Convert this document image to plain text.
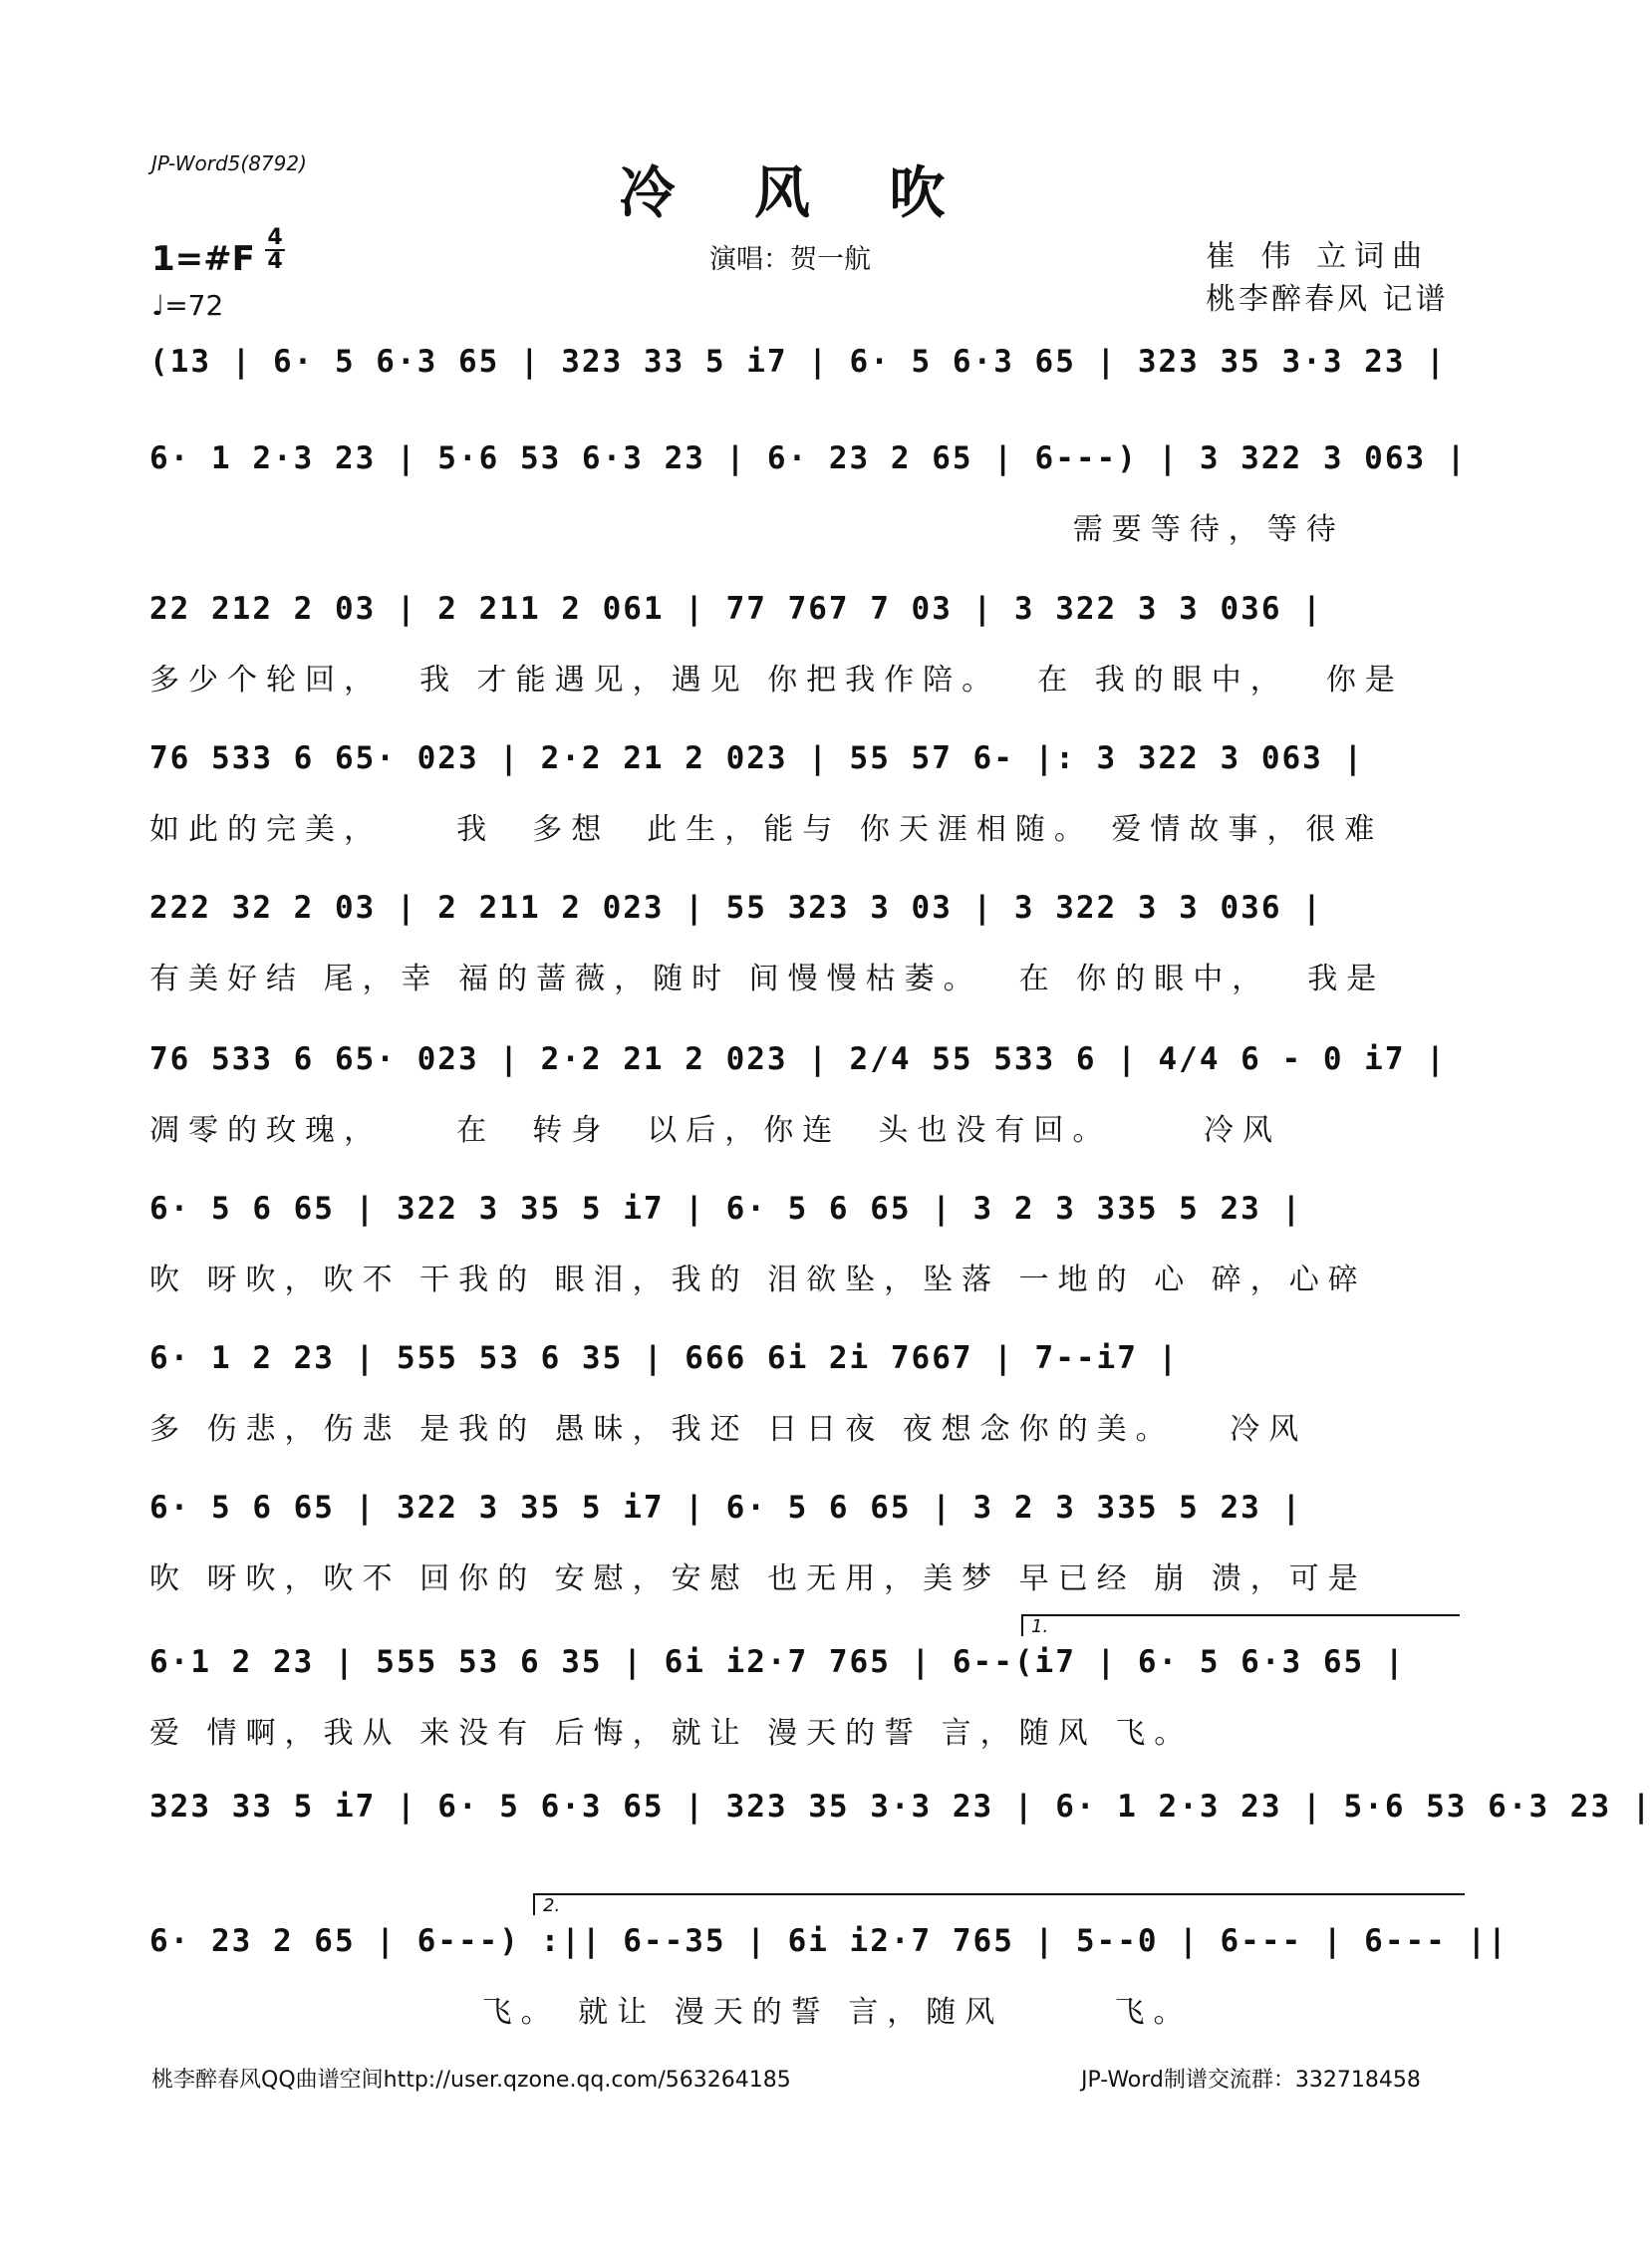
JP-Word5(8792)	冷 风 吹
演唱：贺一航	崔 伟 立词曲
桃李醉春风 记谱
1=#F
4
4
♩=72
(13 | 6· 5 6·3 65 | 323 33 5 i7 | 6· 5 6·3 65 | 323 35 3·3 23 |
6· 1 2·3 23 | 5·6 53 6·3 23 | 6· 23 2 65 | 6---) | 3 322 3 063 |
需要等待，等待
22 212 2 03 | 2 211 2 061 | 77 767 7 03 | 3 322 3 3 036 |
多少个轮回，  我 才能遇见，遇见 你把我作陪。  在 我的眼中，  你是
76 533 6 65· 023 | 2·2 21 2 023 | 55 57 6- |: 3 322 3 063 |
如此的完美，    我  多想  此生，能与 你天涯相随。 爱情故事，很难
222 32 2 03 | 2 211 2 023 | 55 323 3 03 | 3 322 3 3 036 |
有美好结 尾，幸 福的蔷薇，随时 间慢慢枯萎。  在 你的眼中，  我是
76 533 6 65· 023 | 2·2 21 2 023 | 2/4 55 533 6 | 4/4 6 - 0 i7 |
凋零的玫瑰，    在  转身  以后，你连  头也没有回。     冷风
6· 5 6 65 | 322 3 35 5 i7 | 6· 5 6 65 | 3 2 3 335 5 23 |
吹 呀吹，吹不 干我的 眼泪，我的 泪欲坠，坠落 一地的 心 碎，心碎
6· 1 2 23 | 555 53 6 35 | 666 6i 2i 7667 | 7--i7 |
多 伤悲，伤悲 是我的 愚昧，我还 日日夜 夜想念你的美。   冷风
6· 5 6 65 | 322 3 35 5 i7 | 6· 5 6 65 | 3 2 3 335 5 23 |
吹 呀吹，吹不 回你的 安慰，安慰 也无用，美梦 早已经 崩 溃，可是
6·1 2 23 | 555 53 6 35 | 6i i2·7 765 | 6--(i7 | 6· 5 6·3 65 |
爱 情啊，我从 来没有 后悔，就让 漫天的誓 言，随风 飞。
1.
323 33 5 i7 | 6· 5 6·3 65 | 323 35 3·3 23 | 6· 1 2·3 23 | 5·6 53 6·3 23 |
6· 23 2 65 | 6---) :|| 6--35 | 6i i2·7 765 | 5--0 | 6--- | 6--- ||
飞。 就让 漫天的誓 言，随风      飞。
2.
桃李醉春风QQ曲谱空间http://user.qzone.qq.com/563264185	JP-Word制谱交流群：332718458
